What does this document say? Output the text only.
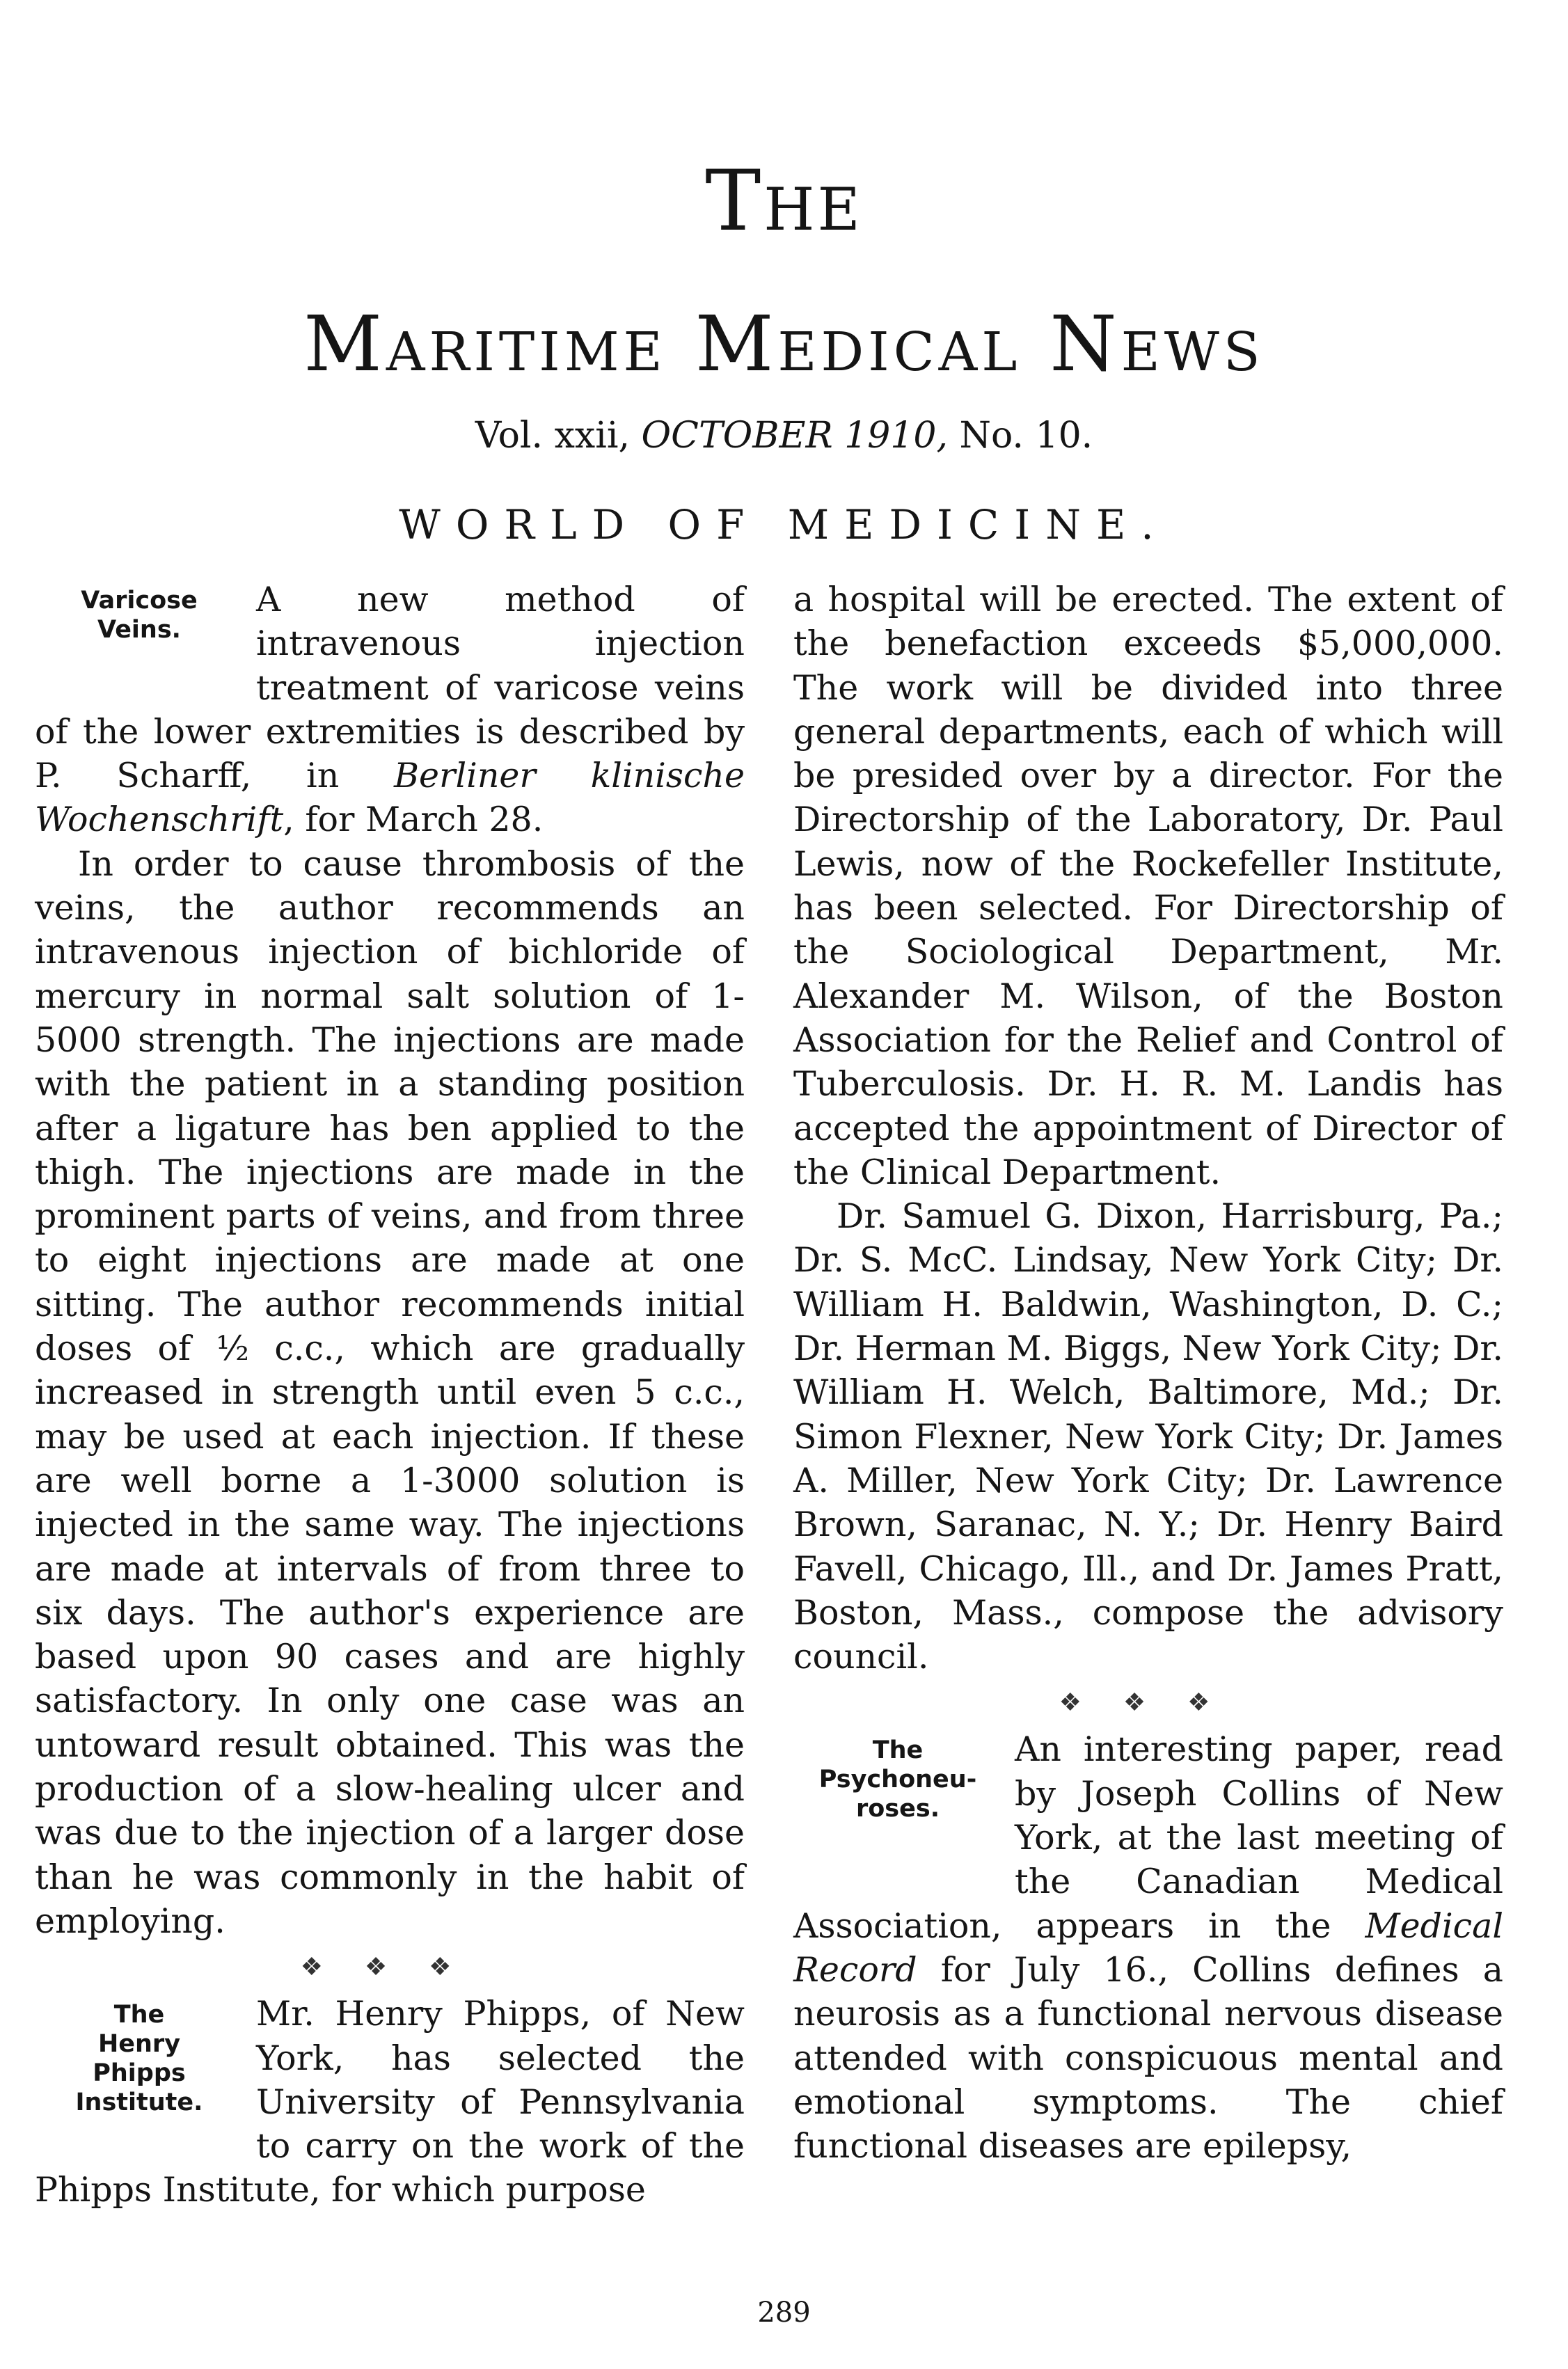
The
Maritime Medical News
Vol. xxii, OCTOBER 1910, No. 10.
WORLD OF MEDICINE.
Varicose
Veins.

A new method of intravenous injection treatment of varicose veins of the lower extremities is described by P. Scharff, in Berliner klinische Wochenschrift, for March 28.

In order to cause thrombosis of the veins, the author recommends an intravenous injection of bichloride of mercury in normal salt solution of 1-5000 strength. The injections are made with the patient in a standing position after a ligature has ben applied to the thigh. The injections are made in the prominent parts of veins, and from three to eight injections are made at one sitting. The author recommends initial doses of ½ c.c., which are gradually increased in strength until even 5 c.c., may be used at each injection. If these are well borne a 1-3000 solution is injected in the same way. The injections are made at intervals of from three to six days. The author's experience are based upon 90 cases and are highly satisfactory. In only one case was an untoward result obtained. This was the production of a slow-healing ulcer and was due to the injection of a larger dose than he was commonly in the habit of employing.

❖ ❖ ❖
The
Henry
Phipps
Institute.

Mr. Henry Phipps, of New York, has selected the University of Pennsylvania to carry on the work of the Phipps Institute, for which purpose

a hospital will be erected. The extent of the benefaction exceeds $5,000,000. The work will be divided into three general departments, each of which will be presided over by a director. For the Directorship of the Laboratory, Dr. Paul Lewis, now of the Rockefeller Institute, has been selected. For Directorship of the Sociological Department, Mr. Alexander M. Wilson, of the Boston Association for the Relief and Control of Tuberculosis. Dr. H. R. M. Landis has accepted the appointment of Director of the Clinical Department.

Dr. Samuel G. Dixon, Harrisburg, Pa.; Dr. S. McC. Lindsay, New York City; Dr. William H. Baldwin, Washington, D. C.; Dr. Herman M. Biggs, New York City; Dr. William H. Welch, Baltimore, Md.; Dr. Simon Flexner, New York City; Dr. James A. Miller, New York City; Dr. Lawrence Brown, Saranac, N. Y.; Dr. Henry Baird Favell, Chicago, Ill., and Dr. James Pratt, Boston, Mass., compose the advisory council.

❖ ❖ ❖
The
Psychoneu-
roses.

An interesting paper, read by Joseph Collins of New York, at the last meeting of the Canadian Medical Association, appears in the Medical Record for July 16., Collins defines a neurosis as a functional nervous disease attended with conspicuous mental and emotional symptoms. The chief functional diseases are epilepsy,

289
